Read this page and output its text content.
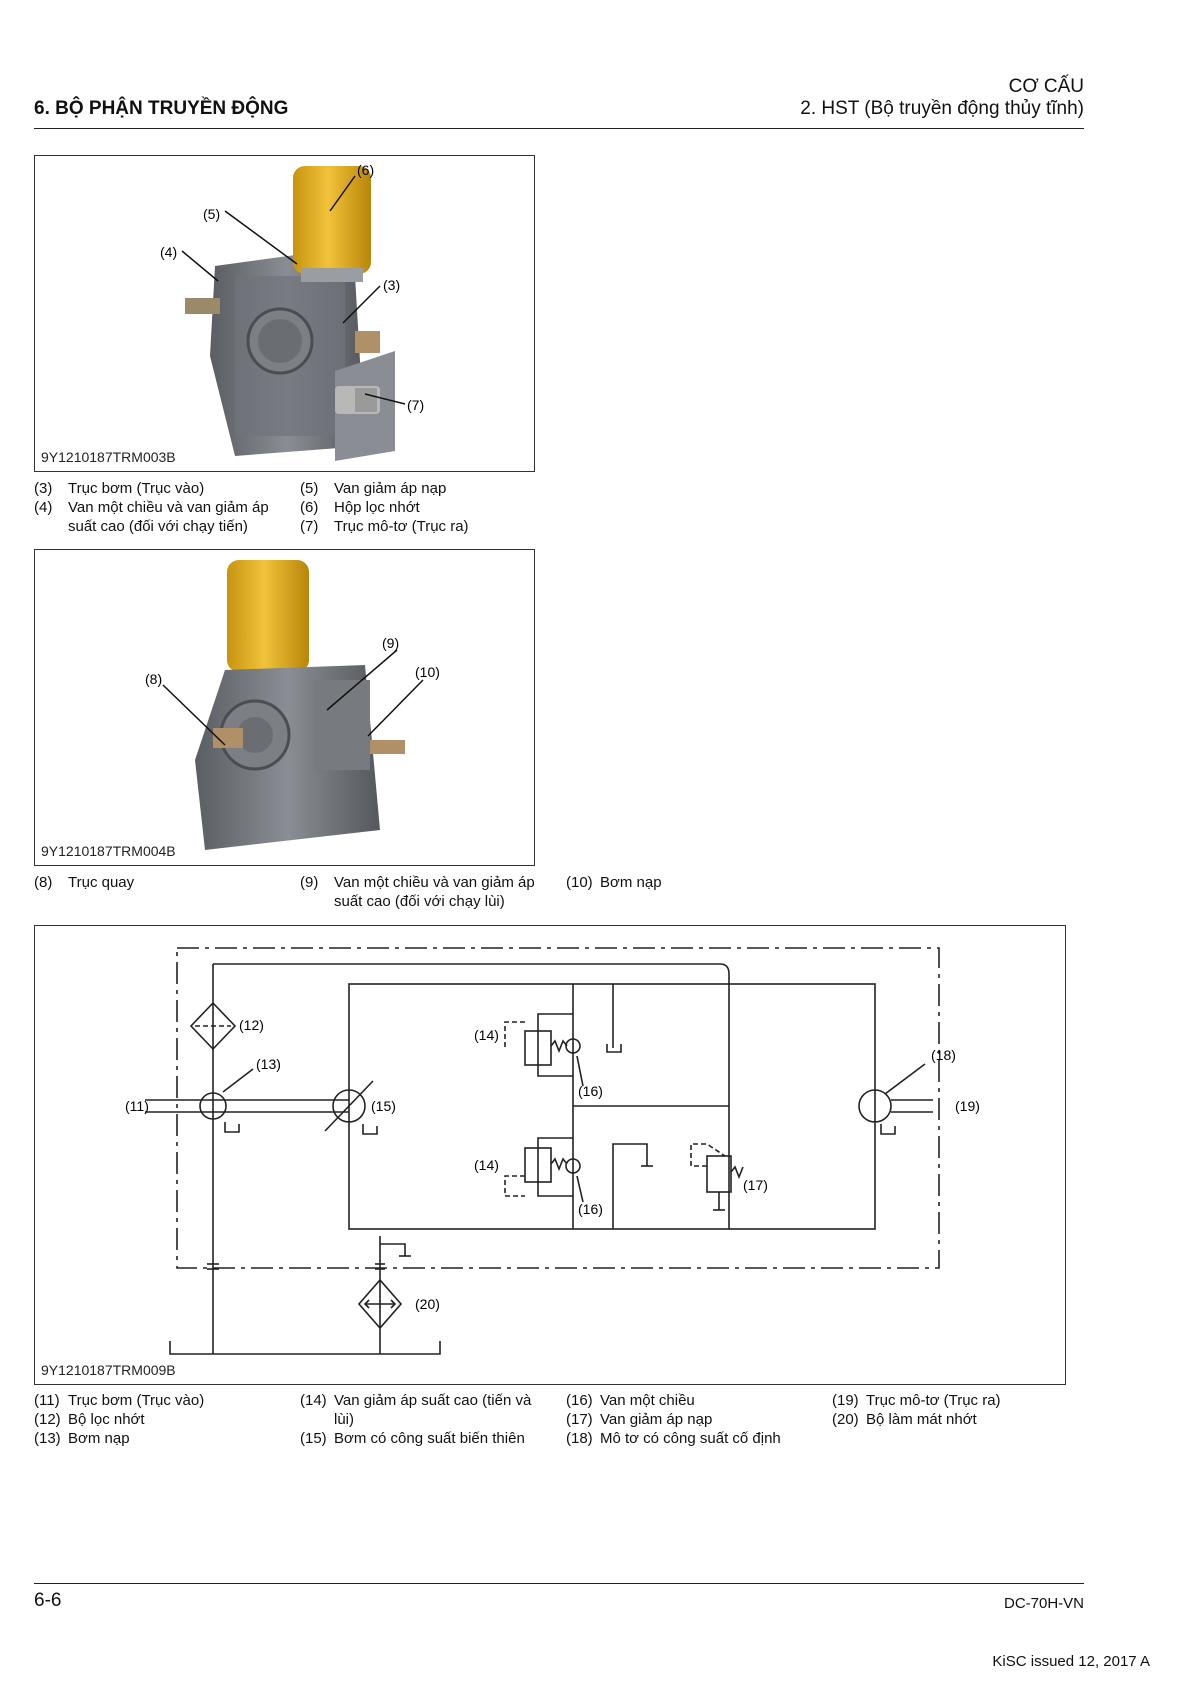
CƠ CẤU
6. BỘ PHẬN TRUYỀN ĐỘNG	2. HST (Bộ truyền động thủy tĩnh)
(6)
(5)
(4)
(3)
(7)
9Y1210187TRM003B
(3) Trục bơm (Trục vào)
(4) Van một chiều và van giảm áp suất cao (đối với chạy tiến)
(5) Van giảm áp nạp
(6) Hộp lọc nhớt
(7) Trục mô-tơ (Trục ra)
(9)
(10)
(8)
9Y1210187TRM004B
(8) Trục quay	(9) Van một chiều và van giảm áp suất cao (đối với chạy lùi)
(10) Bơm nạp
(12)
(13)
(11)	(15)
(14)
(16)
(14)
(16)
(17)
(18)
(19)
(20)
9Y1210187TRM009B
(11) Trục bơm (Trục vào)
(12) Bộ lọc nhớt
(13) Bơm nạp
(14) Van giảm áp suất cao (tiến và lùi)
(15) Bơm có công suất biến thiên
(16) Van một chiều
(17) Van giảm áp nạp
(18) Mô tơ có công suất cố định
(19) Trục mô-tơ (Trục ra)
(20) Bộ làm mát nhớt
6-6	DC-70H-VN
KiSC issued 12, 2017 A
